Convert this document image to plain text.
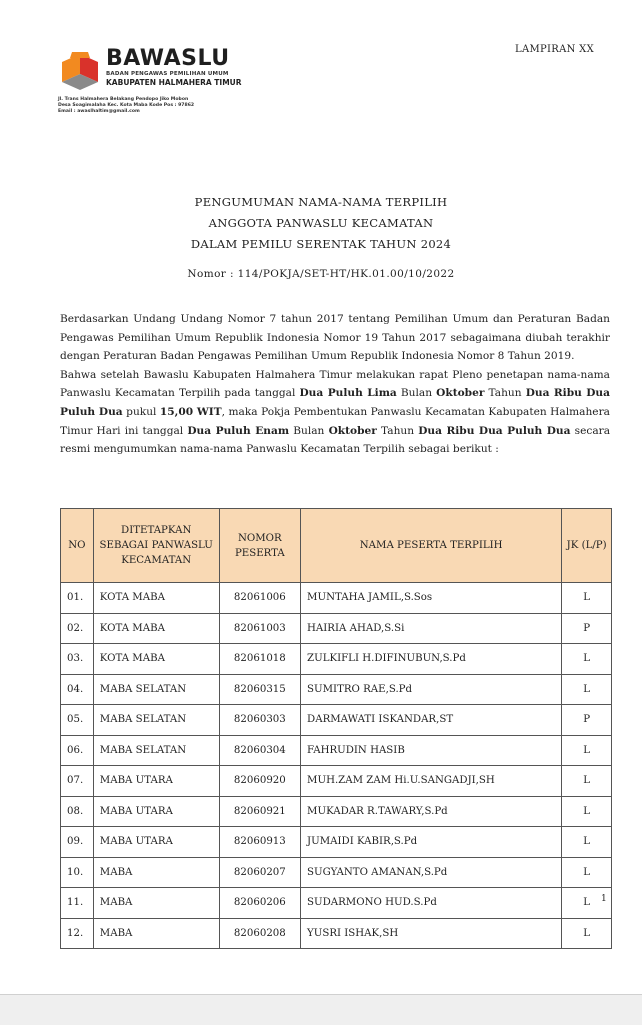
LAMPIRAN XX
BAWASLU
BADAN PENGAWAS PEMILIHAN UMUM
KABUPATEN HALMAHERA TIMUR
Jl. Trans Halmahera Belakang Pendopo Jiko Mobon
Desa Soagimalaha Kec. Kota Maba Kode Pos : 97862
Email : awaslhaltim@gmail.com
PENGUMUMAN NAMA-NAMA TERPILIH
ANGGOTA PANWASLU KECAMATAN
DALAM PEMILU SERENTAK TAHUN 2024
Nomor : 114/POKJA/SET-HT/HK.01.00/10/2022

Berdasarkan Undang Undang Nomor 7 tahun 2017 tentang Pemilihan Umum dan Peraturan Badan Pengawas Pemilihan Umum Republik Indonesia Nomor 19 Tahun 2017 sebagaimana diubah terakhir dengan Peraturan Badan Pengawas Pemilihan Umum Republik Indonesia Nomor 8 Tahun 2019.

Bahwa setelah Bawaslu Kabupaten Halmahera Timur melakukan rapat Pleno penetapan nama-nama Panwaslu Kecamatan Terpilih pada tanggal Dua Puluh Lima Bulan Oktober Tahun Dua Ribu Dua Puluh Dua pukul 15,00 WIT, maka Pokja Pembentukan Panwaslu Kecamatan Kabupaten Halmahera Timur Hari ini tanggal Dua Puluh Enam Bulan Oktober Tahun Dua Ribu Dua Puluh Dua secara resmi mengumumkan nama-nama Panwaslu Kecamatan Terpilih sebagai berikut :

NO	DITETAPKAN SEBAGAI PANWASLU KECAMATAN	NOMOR PESERTA	NAMA PESERTA TERPILIH	JK (L/P)
01.	KOTA MABA	82061006	MUNTAHA JAMIL,S.Sos	L
02.	KOTA MABA	82061003	HAIRIA AHAD,S.Si	P
03.	KOTA MABA	82061018	ZULKIFLI H.DIFINUBUN,S.Pd	L
04.	MABA SELATAN	82060315	SUMITRO RAE,S.Pd	L
05.	MABA SELATAN	82060303	DARMAWATI ISKANDAR,ST	P
06.	MABA SELATAN	82060304	FAHRUDIN HASIB	L
07.	MABA UTARA	82060920	MUH.ZAM ZAM Hi.U.SANGADJI,SH	L
08.	MABA UTARA	82060921	MUKADAR R.TAWARY,S.Pd	L
09.	MABA UTARA	82060913	JUMAIDI KABIR,S.Pd	L
10.	MABA	82060207	SUGYANTO AMANAN,S.Pd	L
11.	MABA	82060206	SUDARMONO HUD.S.Pd	L
12.	MABA	82060208	YUSRI ISHAK,SH	L
1
